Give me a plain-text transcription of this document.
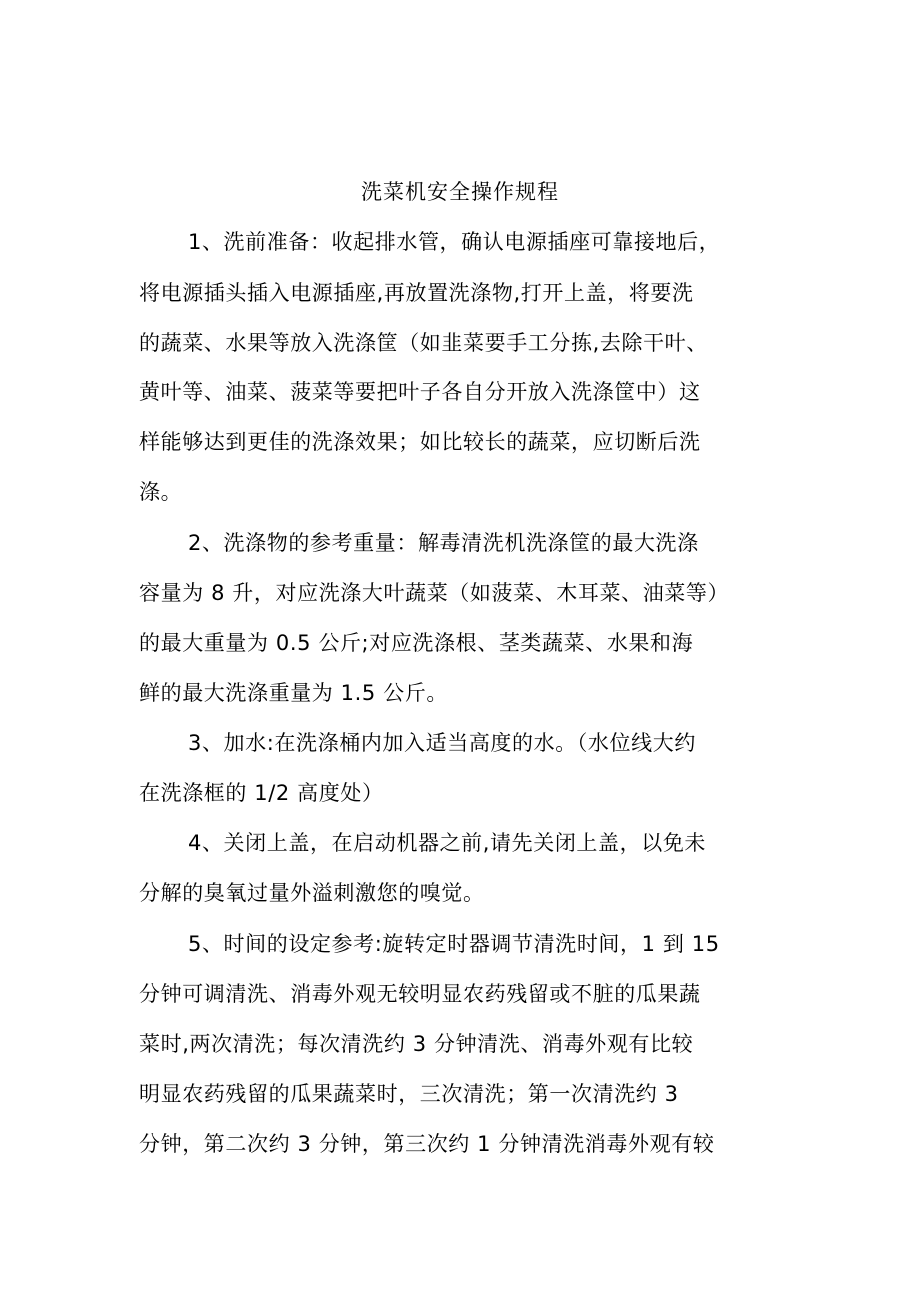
洗菜机安全操作规程
1、洗前准备：收起排水管，确认电源插座可靠接地后，
将电源插头插入电源插座,再放置洗涤物,打开上盖，将要洗
的蔬菜、水果等放入洗涤筐（如韭菜要手工分拣,去除干叶、
黄叶等、油菜、菠菜等要把叶子各自分开放入洗涤筐中）这
样能够达到更佳的洗涤效果；如比较长的蔬菜，应切断后洗
涤。
2、洗涤物的参考重量：解毒清洗机洗涤筐的最大洗涤
容量为 8 升，对应洗涤大叶蔬菜（如菠菜、木耳菜、油菜等）
的最大重量为 0.5 公斤;对应洗涤根、茎类蔬菜、水果和海
鲜的最大洗涤重量为 1.5 公斤。
3、加水:在洗涤桶内加入适当高度的水。（水位线大约
在洗涤框的 1/2 高度处）
4、关闭上盖，在启动机器之前,请先关闭上盖，以免未
分解的臭氧过量外溢刺激您的嗅觉。
5、时间的设定参考:旋转定时器调节清洗时间，1 到 15
分钟可调清洗、消毒外观无较明显农药残留或不脏的瓜果蔬
菜时,两次清洗；每次清洗约 3 分钟清洗、消毒外观有比较
明显农药残留的瓜果蔬菜时，三次清洗；第一次清洗约 3
分钟，第二次约 3 分钟，第三次约 1 分钟清洗消毒外观有较
